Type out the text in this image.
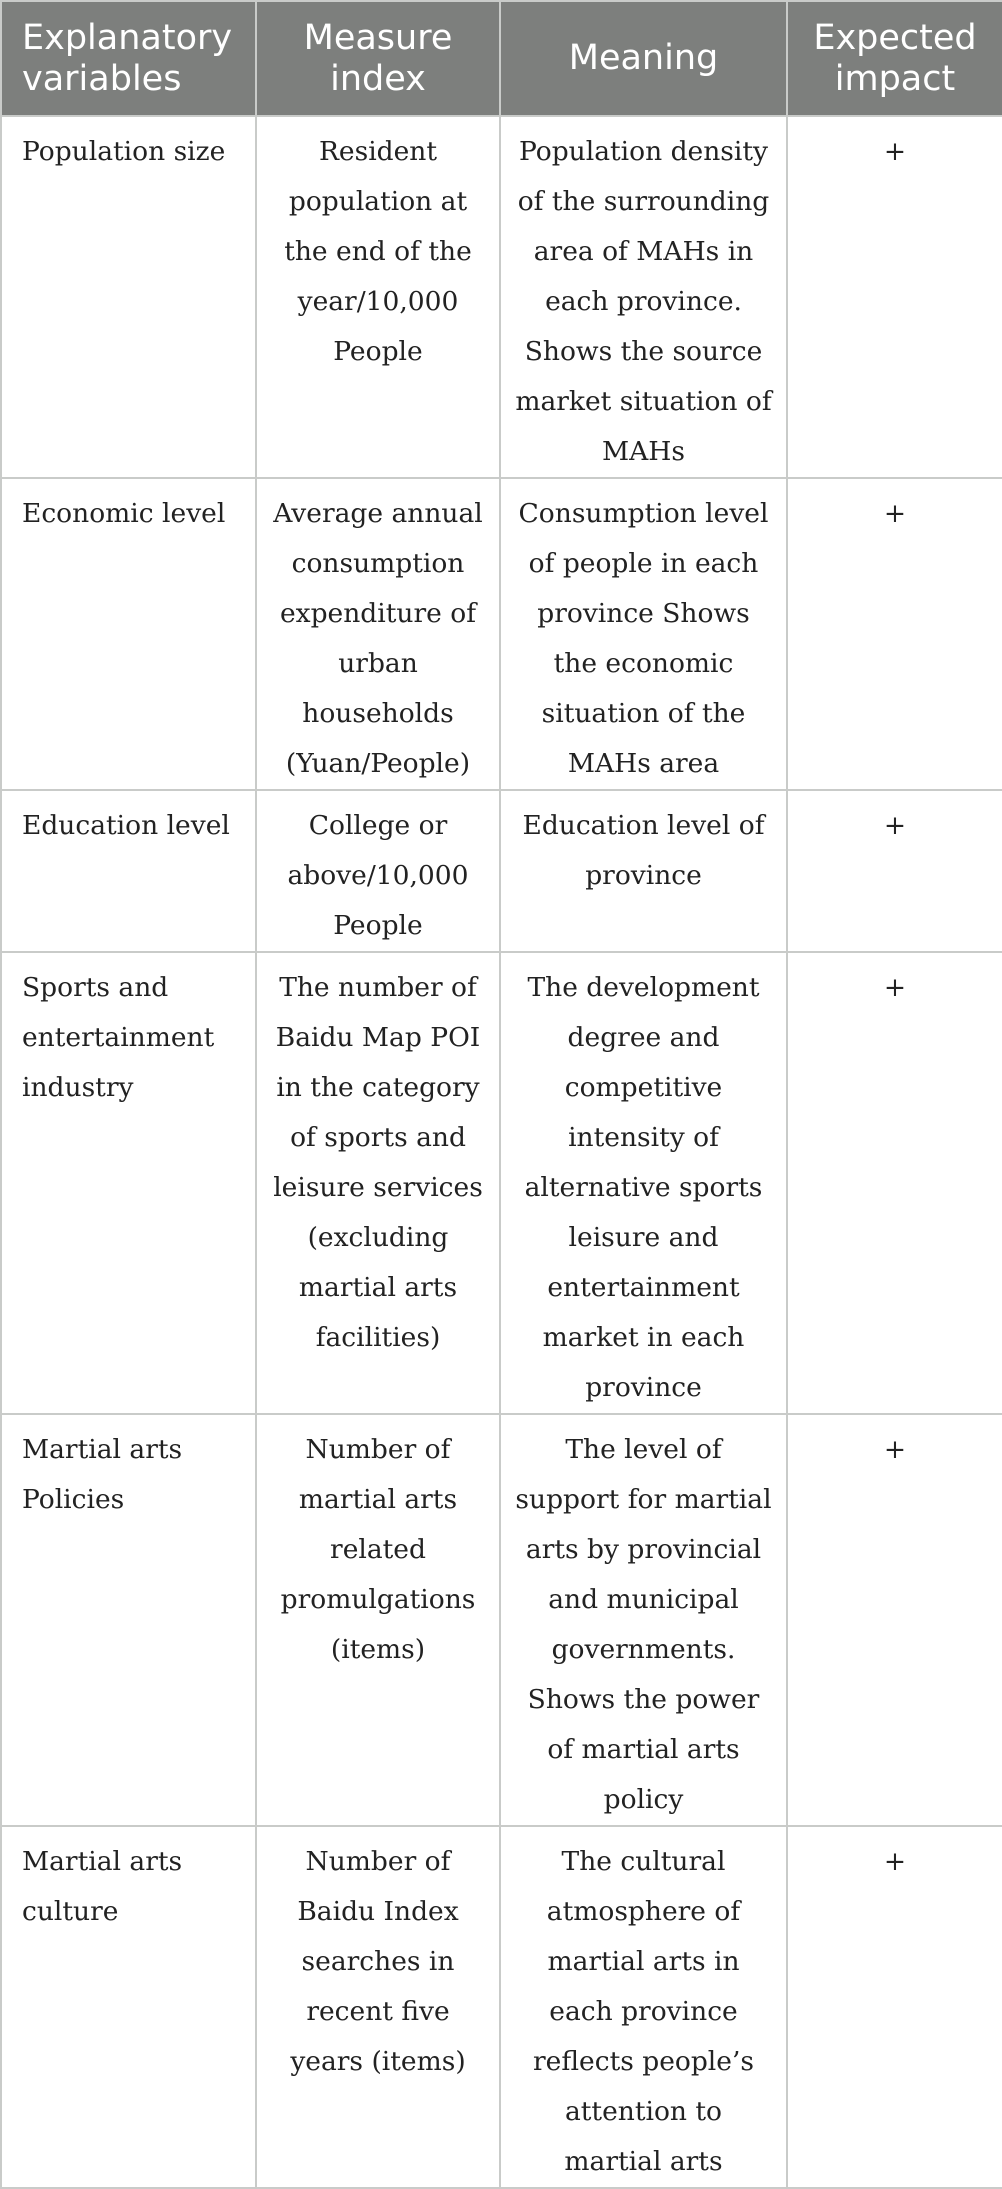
Explanatory variables	Measure index	Meaning	Expected impact
Population size	Resident population at the end of the year/10,000 People	Population density of the surrounding area of MAHs in each province. Shows the source market situation of MAHs	+
Economic level	Average annual consumption expenditure of urban households (Yuan/People)	Consumption level of people in each province Shows the economic situation of the MAHs area	+
Education level	College or above/10,000 People	Education level of province	+
Sports and entertainment industry	The number of Baidu Map POI in the category of sports and leisure services (excluding martial arts facilities)	The development degree and competitive intensity of alternative sports leisure and entertainment market in each province	+
Martial arts Policies	Number of martial arts related promulgations (items)	The level of support for martial arts by provincial and municipal governments. Shows the power of martial arts policy	+
Martial arts culture	Number of Baidu Index searches in recent five years (items)	The cultural atmosphere of martial arts in each province reflects people’s attention to martial arts	+
